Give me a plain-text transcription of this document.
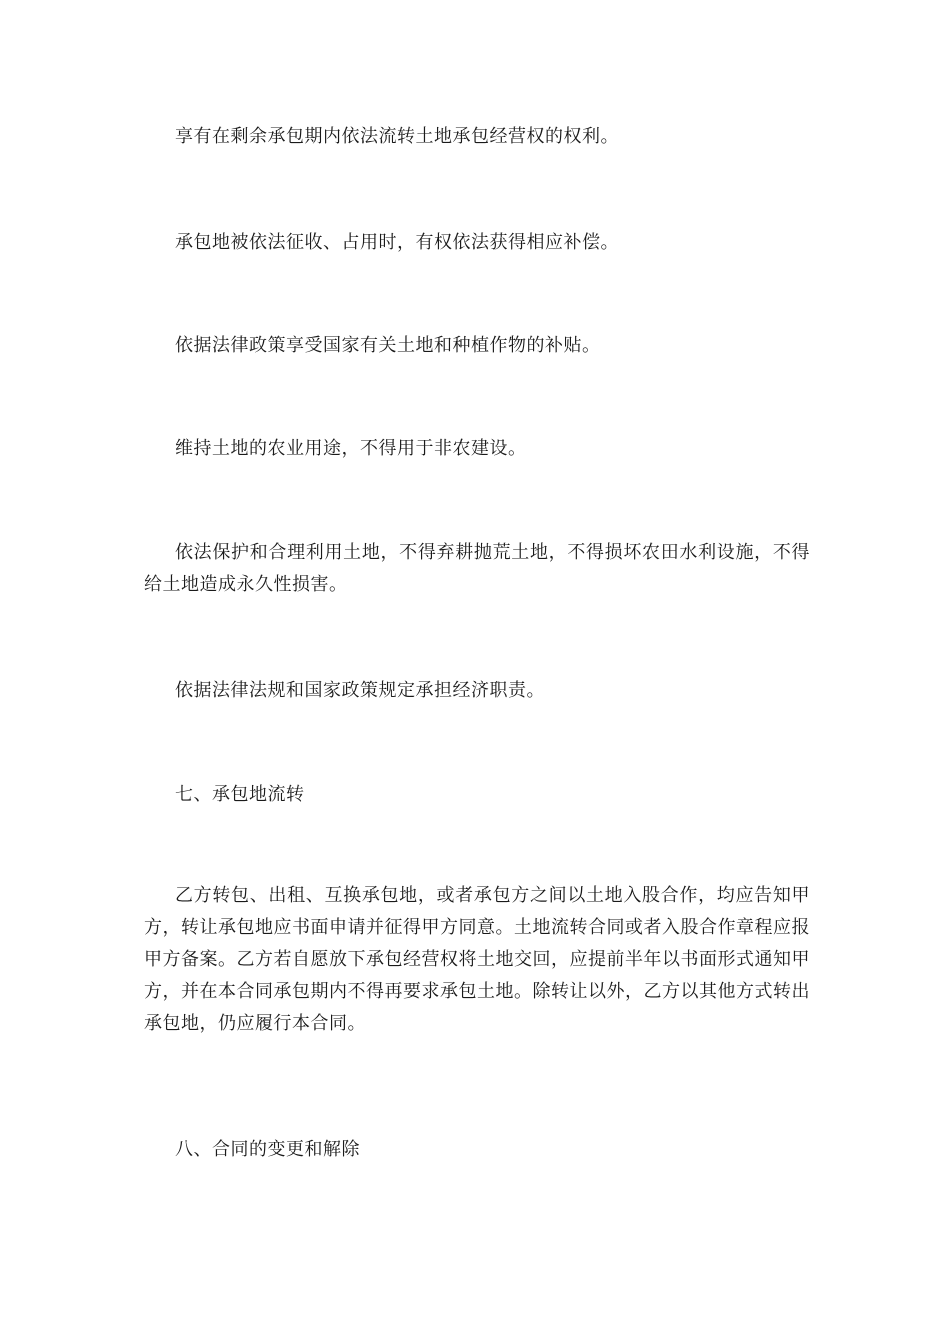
享有在剩余承包期内依法流转土地承包经营权的权利。

承包地被依法征收、占用时，有权依法获得相应补偿。

依据法律政策享受国家有关土地和种植作物的补贴。

维持土地的农业用途，不得用于非农建设。

依法保护和合理利用土地，不得弃耕抛荒土地，不得损坏农田水利设施，不得给土地造成永久性损害。

依据法律法规和国家政策规定承担经济职责。

七、承包地流转

乙方转包、出租、互换承包地，或者承包方之间以土地入股合作，均应告知甲方，转让承包地应书面申请并征得甲方同意。土地流转合同或者入股合作章程应报甲方备案。乙方若自愿放下承包经营权将土地交回，应提前半年以书面形式通知甲方，并在本合同承包期内不得再要求承包土地。除转让以外，乙方以其他方式转出承包地，仍应履行本合同。

八、合同的变更和解除
